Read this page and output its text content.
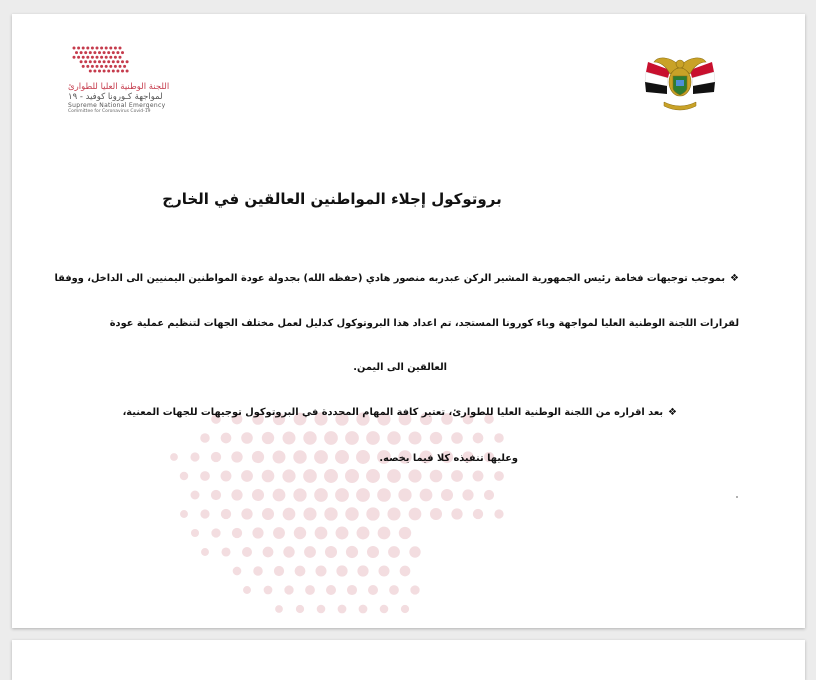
اللجنة الوطنية العليا للطوارئ
لمواجهة كـورونا كوفيد - ١٩
Supreme National Emergency
Committee for Coronavirus Covid-19
بروتوكول إجلاء المواطنين العالقين في الخارج
❖بموجب توجيهات فخامة رئيس الجمهورية المشير الركن عبدربه منصور هادي (حفظه الله) بجدولة عودة المواطنين اليمنيين الى الداخل، ووفقا
لقرارات اللجنة الوطنية العليا لمواجهة وباء كورونا المستجد، تم اعداد هذا البروتوكول كدليل لعمل مختلف الجهات لتنظيم عملية عودة
العالقين الى اليمن.
❖بعد اقراره من اللجنة الوطنية العليا للطوارئ، تعتبر كافة المهام المحددة في البروتوكول توجيهات للجهات المعنية،
وعليها تنفيذه كلا فيما يخصه.
